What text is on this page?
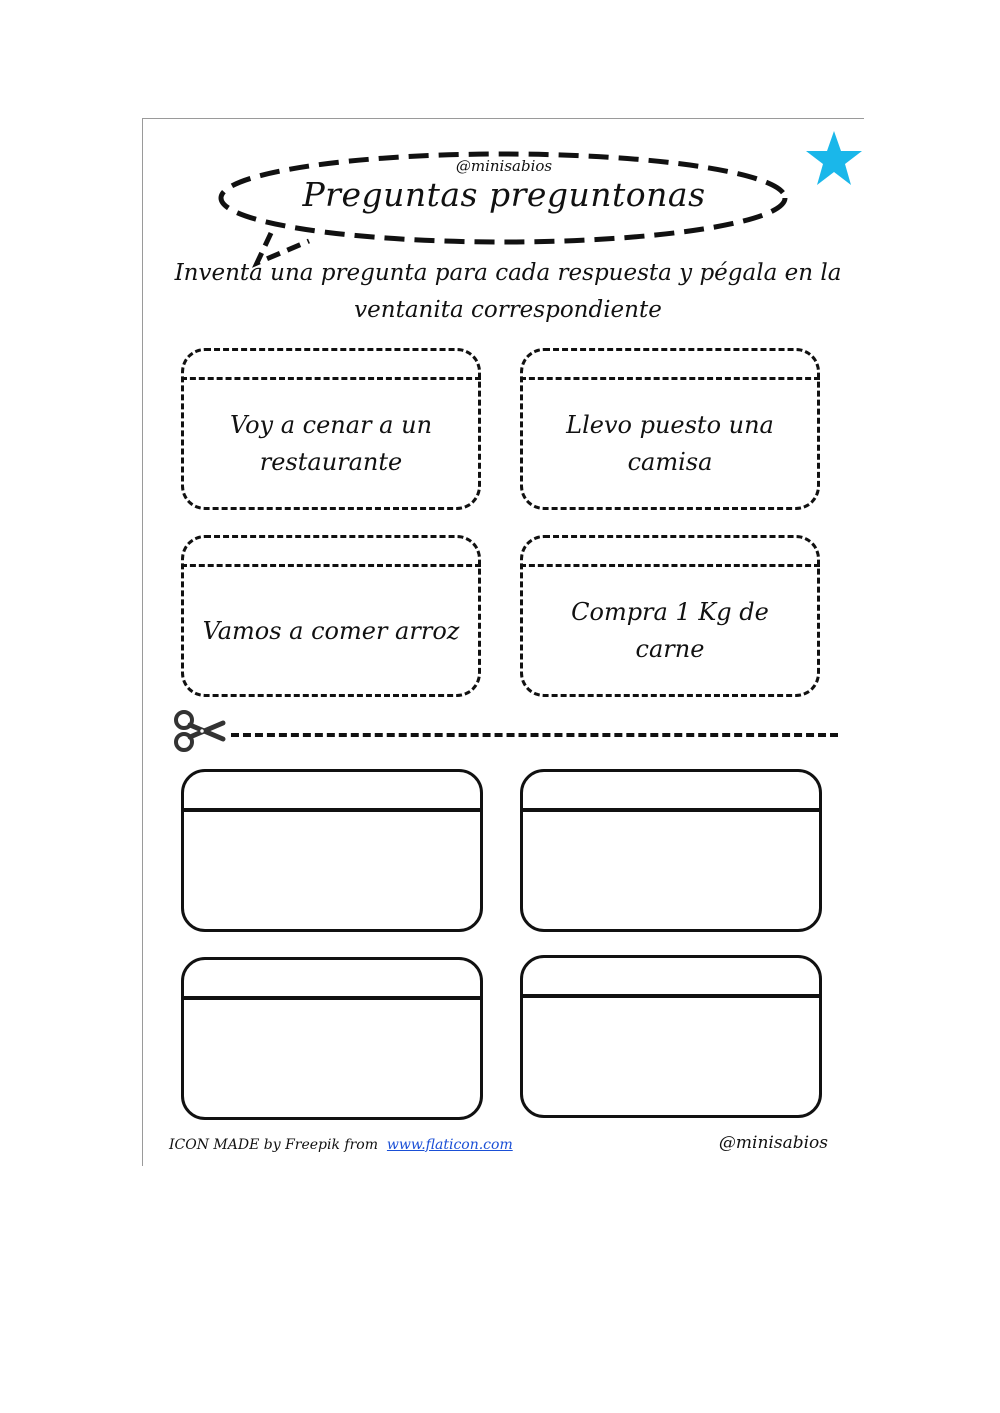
@minisabios
Preguntas preguntonas
Inventa una pregunta para cada respuesta y pégala en la ventanita correspondiente
Voy a cenar a un restaurante
Llevo puesto una camisa
Vamos a comer arroz
Compra 1 Kg de carne
ICON MADE by Freepik from www.flaticon.com	@minisabios
